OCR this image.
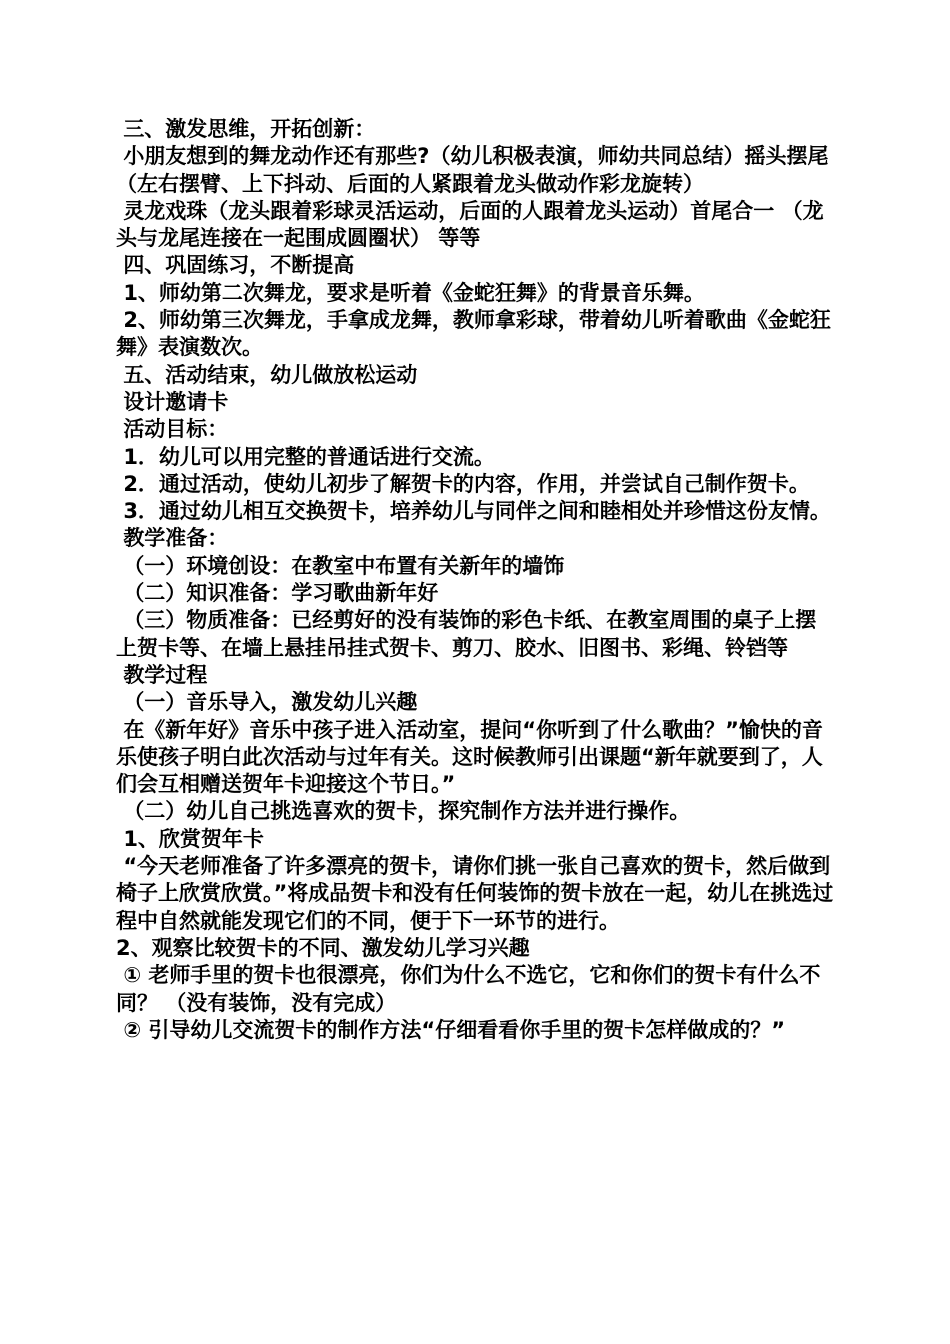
三、激发思维，开拓创新：

小朋友想到的舞龙动作还有那些?（幼儿积极表演，师幼共同总结）摇头摆尾 （左右摆臂、上下抖动、后面的人紧跟着龙头做动作彩龙旋转）

灵龙戏珠（龙头跟着彩球灵活运动，后面的人跟着龙头运动）首尾合一 （龙头与龙尾连接在一起围成圆圈状） 等等

四、巩固练习，不断提高

1、师幼第二次舞龙，要求是听着《金蛇狂舞》的背景音乐舞。

2、师幼第三次舞龙，手拿成龙舞，教师拿彩球，带着幼儿听着歌曲《金蛇狂舞》表演数次。

五、活动结束，幼儿做放松运动

设计邀请卡

活动目标：

1．幼儿可以用完整的普通话进行交流。

2．通过活动，使幼儿初步了解贺卡的内容，作用，并尝试自己制作贺卡。

3．通过幼儿相互交换贺卡，培养幼儿与同伴之间和睦相处并珍惜这份友情。

教学准备：

（一）环境创设：在教室中布置有关新年的墙饰

（二）知识准备：学习歌曲新年好

（三）物质准备：已经剪好的没有装饰的彩色卡纸、在教室周围的桌子上摆上贺卡等、在墙上悬挂吊挂式贺卡、剪刀、胶水、旧图书、彩绳、铃铛等

教学过程

（一）音乐导入，激发幼儿兴趣

在《新年好》音乐中孩子进入活动室，提问“你听到了什么歌曲？”愉快的音乐使孩子明白此次活动与过年有关。这时候教师引出课题“新年就要到了，人们会互相赠送贺年卡迎接这个节日。”

（二）幼儿自己挑选喜欢的贺卡，探究制作方法并进行操作。

1、欣赏贺年卡

“今天老师准备了许多漂亮的贺卡，请你们挑一张自己喜欢的贺卡，然后做到椅子上欣赏欣赏。”将成品贺卡和没有任何装饰的贺卡放在一起，幼儿在挑选过程中自然就能发现它们的不同，便于下一环节的进行。

2、观察比较贺卡的不同、激发幼儿学习兴趣

① 老师手里的贺卡也很漂亮，你们为什么不选它，它和你们的贺卡有什么不同？ （没有装饰，没有完成）

② 引导幼儿交流贺卡的制作方法“仔细看看你手里的贺卡怎样做成的？”
